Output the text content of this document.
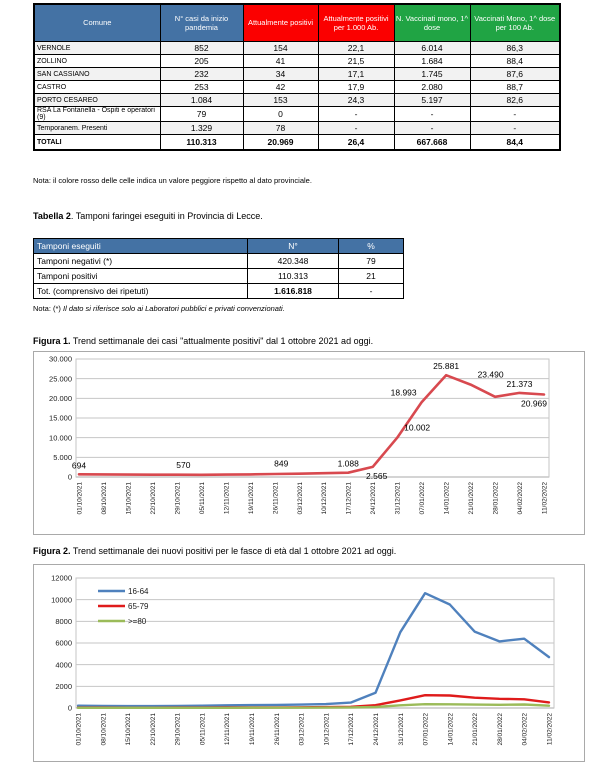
Comune	N° casi da inizio pandemia	Attualmente positivi	Attualmente positivi per 1.000 Ab.	N. Vaccinati mono, 1^ dose	Vaccinati Mono, 1^ dose per 100 Ab.
VERNOLE	852	154	22,1	6.014	86,3
ZOLLINO	205	41	21,5	1.684	88,4
SAN CASSIANO	232	34	17,1	1.745	87,6
CASTRO	253	42	17,9	2.080	88,7
PORTO CESAREO	1.084	153	24,3	5.197	82,6
RSA La Fontanella - Ospiti e operatori (9)	79	0	-	-	-
Temporanem. Presenti	1.329	78	-	-	-
TOTALI	110.313	20.969	26,4	667.668	84,4
Nota: il colore rosso delle celle indica un valore peggiore rispetto al dato provinciale.
Tabella 2. Tamponi faringei eseguiti in Provincia di Lecce.
Tamponi eseguiti	N°	%
Tamponi negativi (*)	420.348	79
Tamponi positivi	110.313	21
Tot. (comprensivo dei ripetuti)	1.616.818	-
Nota: (*) Il dato si riferisce solo ai Laboratori pubblici e privati convenzionati.
Figura 1. Trend settimanale dei casi "attualmente positivi" dal 1 ottobre 2021 ad oggi.
0
5.000
10.000
15.000
20.000
25.000
30.000
01/10/2021	08/10/2021	15/10/2021	22/10/2021	29/10/2021	05/11/2021	12/11/2021	19/11/2021	26/11/2021	03/12/2021	10/12/2021	17/12/2021	24/12/2021	31/12/2021	07/01/2022	14/01/2022	21/01/2022	28/01/2022	04/02/2022	11/02/2022
694	570	849	1.088
2.565
10.002
18.993
25.881
23.490
21.373
20.969
Figura 2. Trend settimanale dei nuovi positivi per le fasce di età dal 1 ottobre 2021 ad oggi.
0
2000
4000
6000
8000
10000
12000
01/10/2021	08/10/2021	15/10/2021	22/10/2021	29/10/2021	05/11/2021	12/11/2021	19/11/2021	26/11/2021	03/12/2021	10/12/2021	17/12/2021	24/12/2021	31/12/2021	07/01/2022	14/01/2022	21/01/2022	28/01/2022	04/02/2022	11/02/2022
16-64
65-79
>=80
